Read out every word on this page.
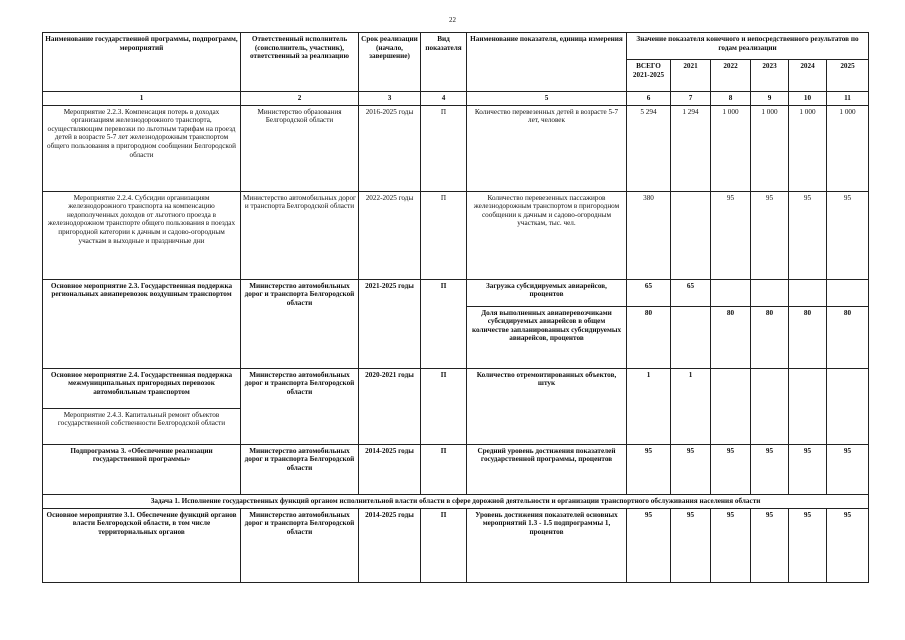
22
Наименование государственной программы, подпрограмм, мероприятий	Ответственный исполнитель (соисполнитель, участник), ответственный за реализацию	Срок реализации (начало, завершение)	Вид показателя	Наименование показателя, единица измерения	Значение показателя конечного и непосредственного результатов по годам реализации					
					ВСЕГО 2021-2025	2021	2022	2023	2024	2025
1	2	3	4	5	6	7	8	9	10	11
Мероприятие 2.2.3. Компенсация потерь в доходах организациям железнодорожного транспорта, осуществляющим перевозки по льготным тарифам на проезд детей в возрасте 5-7 лет железнодорожным транспортом общего пользования в пригородном сообщении Белгородской области	Министерство образования Белгородской области	2016-2025 годы	П	Количество перевезенных детей в возрасте 5-7 лет, человек	5 294	1 294	1 000	1 000	1 000	1 000
Мероприятие 2.2.4. Субсидии организациям железнодорожного транспорта на компенсацию недополученных доходов от льготного проезда в железнодорожном транспорте общего пользования в поездах пригородной категории к дачным и садово-огородным участкам в выходные и праздничные дни	Министерство автомобильных дорог и транспорта Белгородской области	2022-2025 годы	П	Количество перевезенных пассажиров железнодорожным транспортом в пригородном сообщении к дачным и садово-огородным участкам, тыс. чел.	380		95	95	95	95
Основное мероприятие 2.3. Государственная поддержка региональных авиаперевозок воздушным транспортом	Министерство автомобильных дорог и транспорта Белгородской области	2021-2025 годы	П	Загрузка субсидируемых авиарейсов, процентов	65	65				
				Доля выполненных авиаперевозчиками субсидируемых авиарейсов в общем количестве запланированных субсидируемых авиарейсов, процентов	80		80	80	80	80
Основное мероприятие 2.4. Государственная поддержка межмуниципальных пригородных перевозок автомобильным транспортом	Министерство автомобильных дорог и транспорта Белгородской области	2020-2021 годы	П	Количество отремонтированных объектов, штук	1	1				
Мероприятие 2.4.3. Капитальный ремонт объектов государственной собственности Белгородской области										
Подпрограмма 3. «Обеспечение реализации государственной программы»	Министерство автомобильных дорог и транспорта Белгородской области	2014-2025 годы	П	Средний уровень достижения показателей государственной программы, процентов	95	95	95	95	95	95
Задача 1. Исполнение государственных функций органом исполнительной власти области в сфере дорожной деятельности и организации транспортного обслуживания населения области										
Основное мероприятие 3.1. Обеспечение функций органов власти Белгородской области, в том числе территориальных органов	Министерство автомобильных дорог и транспорта Белгородской области	2014-2025 годы	П	Уровень достижения показателей основных мероприятий 1.3 - 1.5 подпрограммы 1, процентов	95	95	95	95	95	95
